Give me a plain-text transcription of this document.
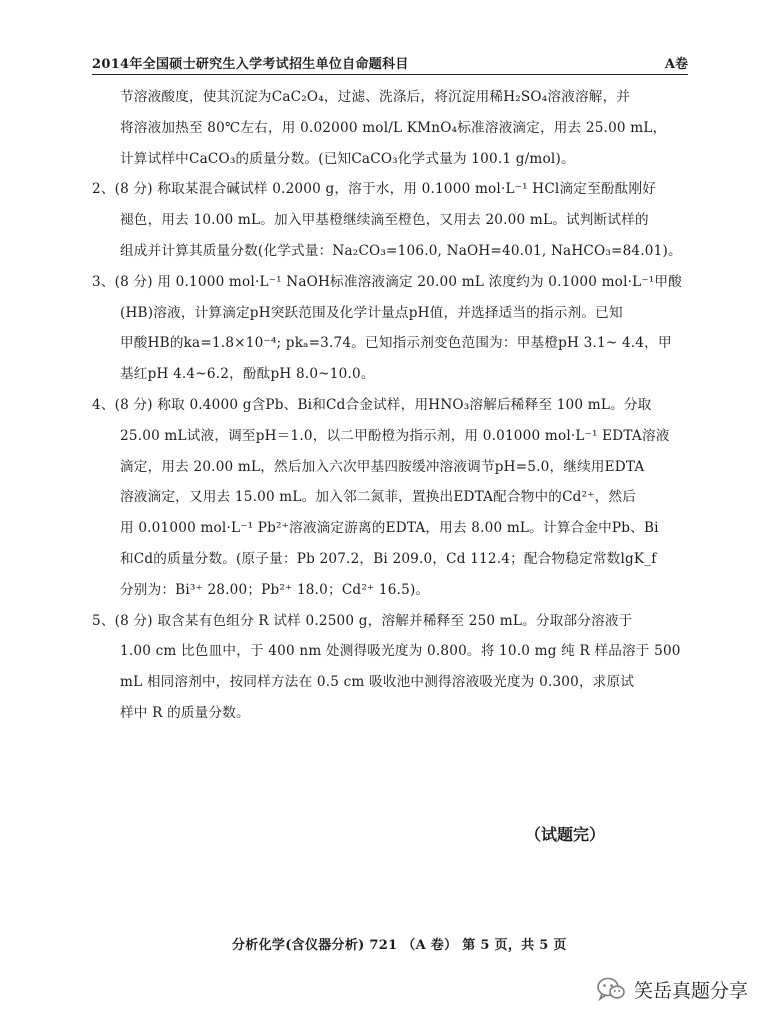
2014年全国硕士研究生入学考试招生单位自命题科目	A卷

节溶液酸度，使其沉淀为CaC₂O₄，过滤、洗涤后，将沉淀用稀H₂SO₄溶液溶解，并

将溶液加热至 80℃左右，用 0.02000 mol/L KMnO₄标准溶液滴定，用去 25.00 mL，

计算试样中CaCO₃的质量分数。(已知CaCO₃化学式量为 100.1 g/mol)。

2、(8 分) 称取某混合碱试样 0.2000 g，溶于水，用 0.1000 mol·L⁻¹ HCl滴定至酚酞刚好

褪色，用去 10.00 mL。加入甲基橙继续滴至橙色，又用去 20.00 mL。试判断试样的

组成并计算其质量分数(化学式量：Na₂CO₃=106.0, NaOH=40.01, NaHCO₃=84.01)。

3、(8 分) 用 0.1000 mol·L⁻¹ NaOH标准溶液滴定 20.00 mL 浓度约为 0.1000 mol·L⁻¹甲酸

(HB)溶液，计算滴定pH突跃范围及化学计量点pH值，并选择适当的指示剂。已知

甲酸HB的ka=1.8×10⁻⁴; pkₐ=3.74。已知指示剂变色范围为：甲基橙pH 3.1~ 4.4，甲

基红pH 4.4~6.2，酚酞pH 8.0~10.0。

4、(8 分) 称取 0.4000 g含Pb、Bi和Cd合金试样，用HNO₃溶解后稀释至 100 mL。分取

25.00 mL试液，调至pH＝1.0，以二甲酚橙为指示剂，用 0.01000 mol·L⁻¹ EDTA溶液

滴定，用去 20.00 mL，然后加入六次甲基四胺缓冲溶液调节pH=5.0，继续用EDTA

溶液滴定，又用去 15.00 mL。加入邻二氮菲，置换出EDTA配合物中的Cd²⁺，然后

用 0.01000 mol·L⁻¹ Pb²⁺溶液滴定游离的EDTA，用去 8.00 mL。计算合金中Pb、Bi

和Cd的质量分数。(原子量：Pb 207.2，Bi 209.0，Cd 112.4；配合物稳定常数lgK_f

分别为：Bi³⁺ 28.00；Pb²⁺ 18.0；Cd²⁺ 16.5)。

5、(8 分) 取含某有色组分 R 试样 0.2500 g，溶解并稀释至 250 mL。分取部分溶液于

1.00 cm 比色皿中，于 400 nm 处测得吸光度为 0.800。将 10.0 mg 纯 R 样品溶于 500

mL 相同溶剂中，按同样方法在 0.5 cm 吸收池中测得溶液吸光度为 0.300，求原试

样中 R 的质量分数。

（试题完）
分析化学(含仪器分析) 721 （A 卷） 第 5 页，共 5 页
笑岳真题分享
